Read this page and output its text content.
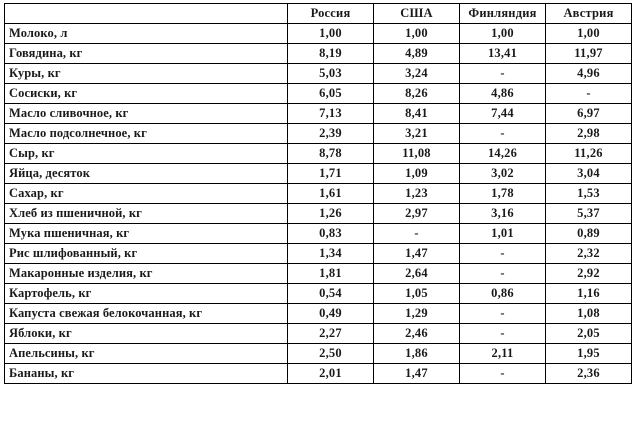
	Россия	США	Финляндия	Австрия
Молоко, л	1,00	1,00	1,00	1,00
Говядина, кг	8,19	4,89	13,41	11,97
Куры, кг	5,03	3,24	-	4,96
Сосиски, кг	6,05	8,26	4,86	-
Масло сливочное, кг	7,13	8,41	7,44	6,97
Масло подсолнечное, кг	2,39	3,21	-	2,98
Сыр, кг	8,78	11,08	14,26	11,26
Яйца, десяток	1,71	1,09	3,02	3,04
Сахар, кг	1,61	1,23	1,78	1,53
Хлеб из пшеничной, кг	1,26	2,97	3,16	5,37
Мука пшеничная, кг	0,83	-	1,01	0,89
Рис шлифованный, кг	1,34	1,47	-	2,32
Макаронные изделия, кг	1,81	2,64	-	2,92
Картофель, кг	0,54	1,05	0,86	1,16
Капуста свежая белокочанная, кг	0,49	1,29	-	1,08
Яблоки, кг	2,27	2,46	-	2,05
Апельсины, кг	2,50	1,86	2,11	1,95
Бананы, кг	2,01	1,47	-	2,36
